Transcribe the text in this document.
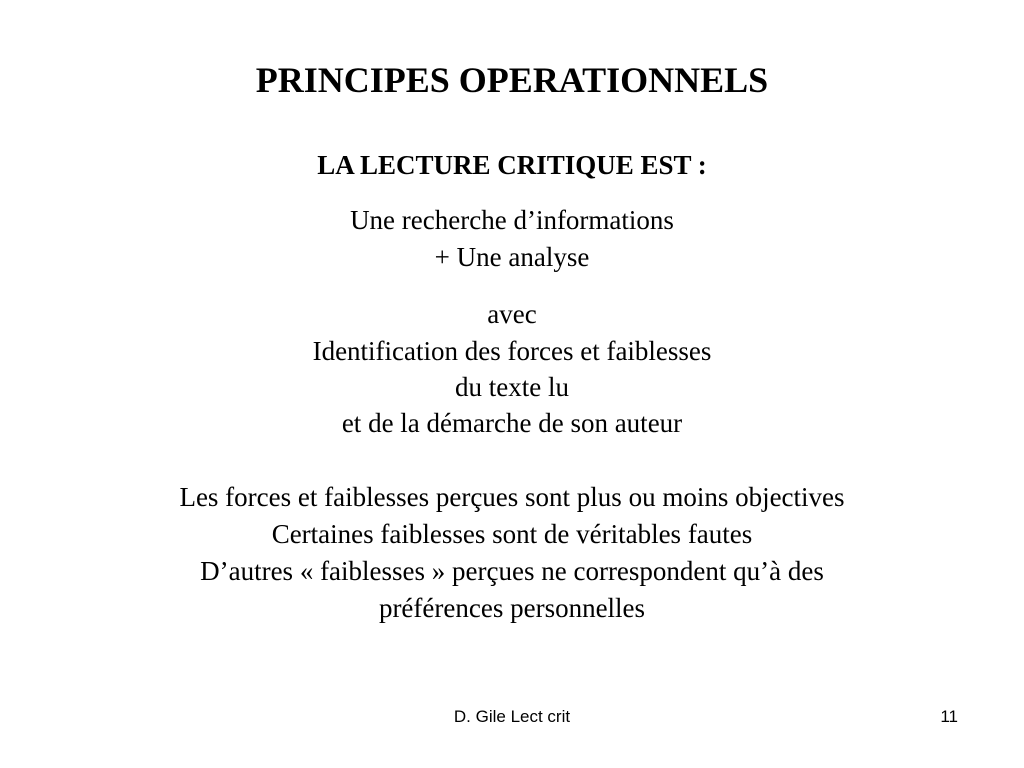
PRINCIPES OPERATIONNELS
LA LECTURE CRITIQUE EST :

Une recherche d’informations

+ Une analyse

avec

Identification des forces et faiblesses

du texte lu

et de la démarche de son auteur

Les forces et faiblesses perçues sont plus ou moins objectives

Certaines faiblesses sont de véritables fautes

D’autres « faiblesses » perçues ne correspondent qu’à des

préférences personnelles

D. Gile Lect crit	11
